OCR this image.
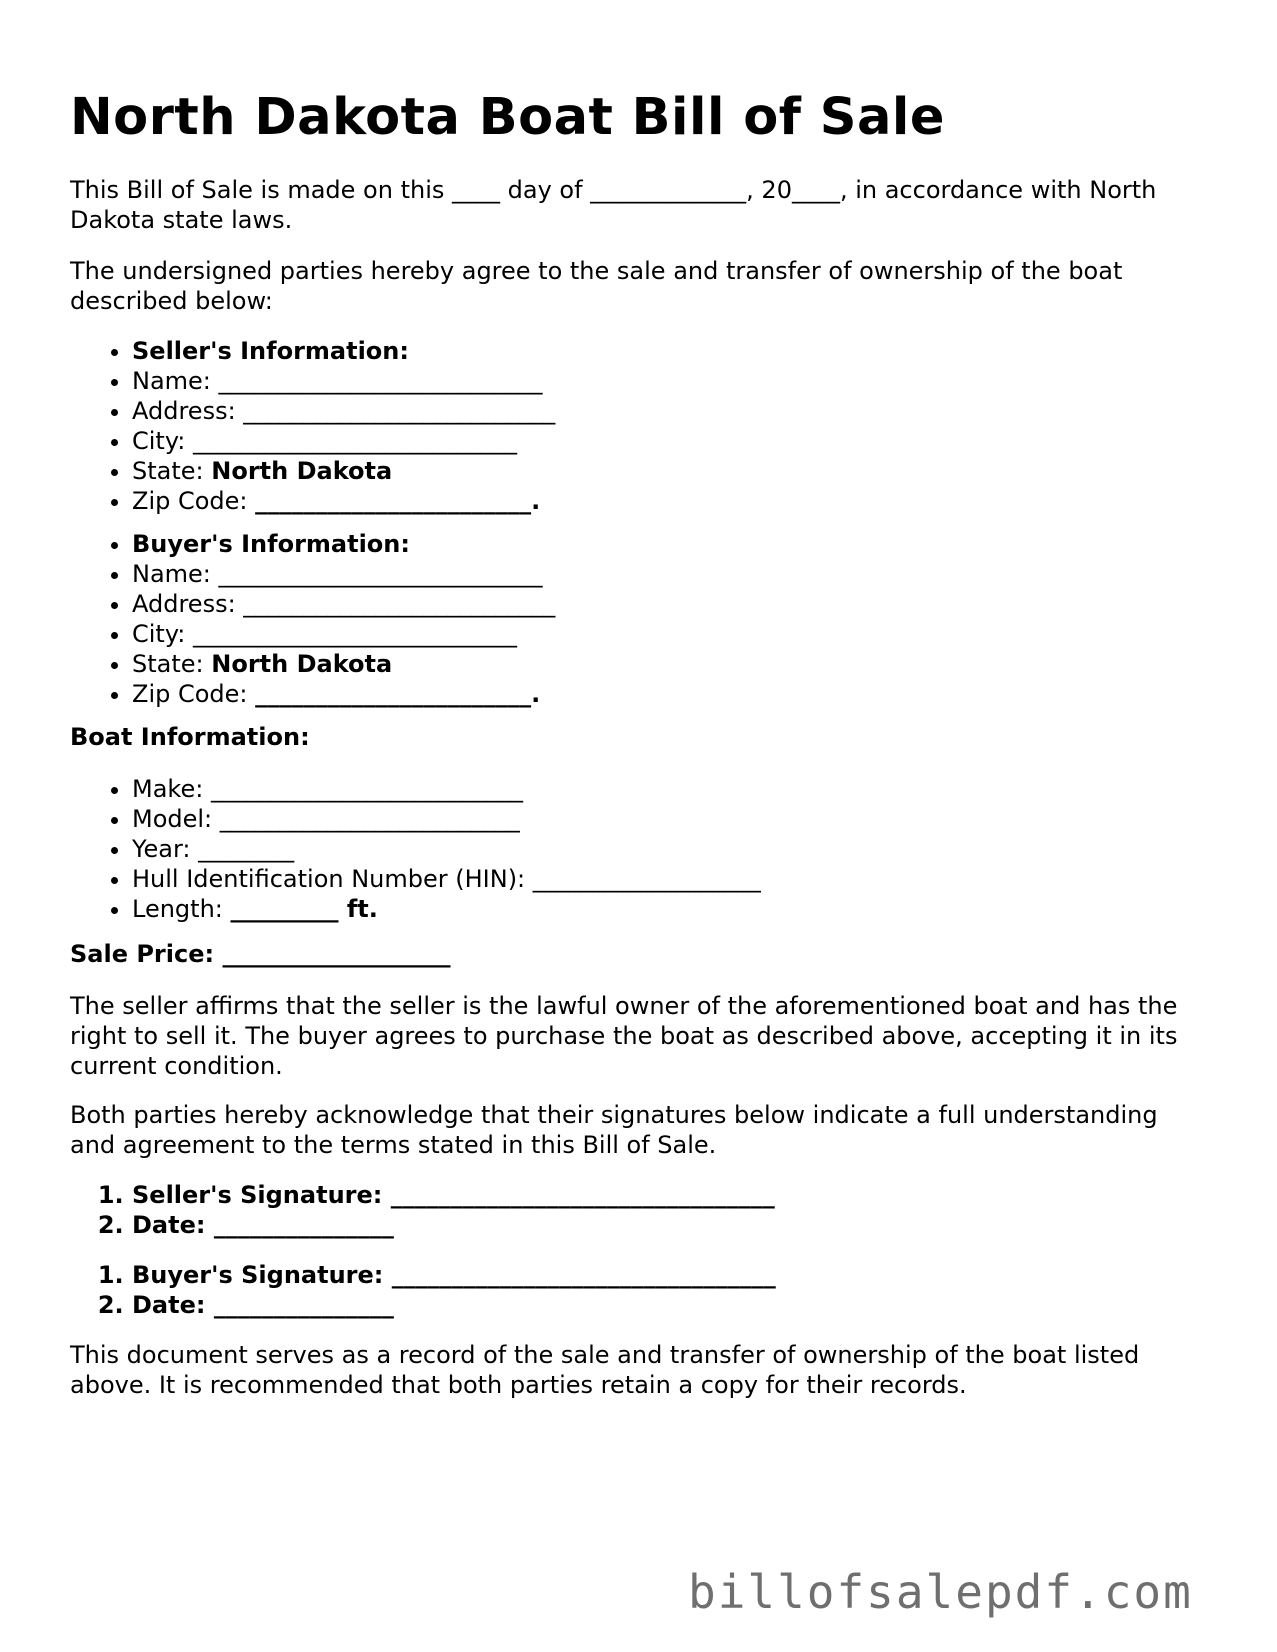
North Dakota Boat Bill of Sale

This Bill of Sale is made on this ____ day of _____________, 20____, in accordance with North Dakota state laws.

The undersigned parties hereby agree to the sale and transfer of ownership of the boat described below:

• Seller's Information:
• Name: ___________________________
• Address: __________________________
• City: ___________________________
• State: North Dakota
• Zip Code: _______________________.
• Buyer's Information:
• Name: ___________________________
• Address: __________________________
• City: ___________________________
• State: North Dakota
• Zip Code: _______________________.

Boat Information:

• Make: __________________________
• Model: _________________________
• Year: ________
• Hull Identification Number (HIN): ___________________
• Length: _________ ft.

Sale Price: ___________________

The seller affirms that the seller is the lawful owner of the aforementioned boat and has the right to sell it. The buyer agrees to purchase the boat as described above, accepting it in its current condition.

Both parties hereby acknowledge that their signatures below indicate a full understanding and agreement to the terms stated in this Bill of Sale.

1. Seller's Signature: ________________________________
2. Date: _______________
1. Buyer's Signature: ________________________________
2. Date: _______________

This document serves as a record of the sale and transfer of ownership of the boat listed above. It is recommended that both parties retain a copy for their records.

billofsalepdf.com
